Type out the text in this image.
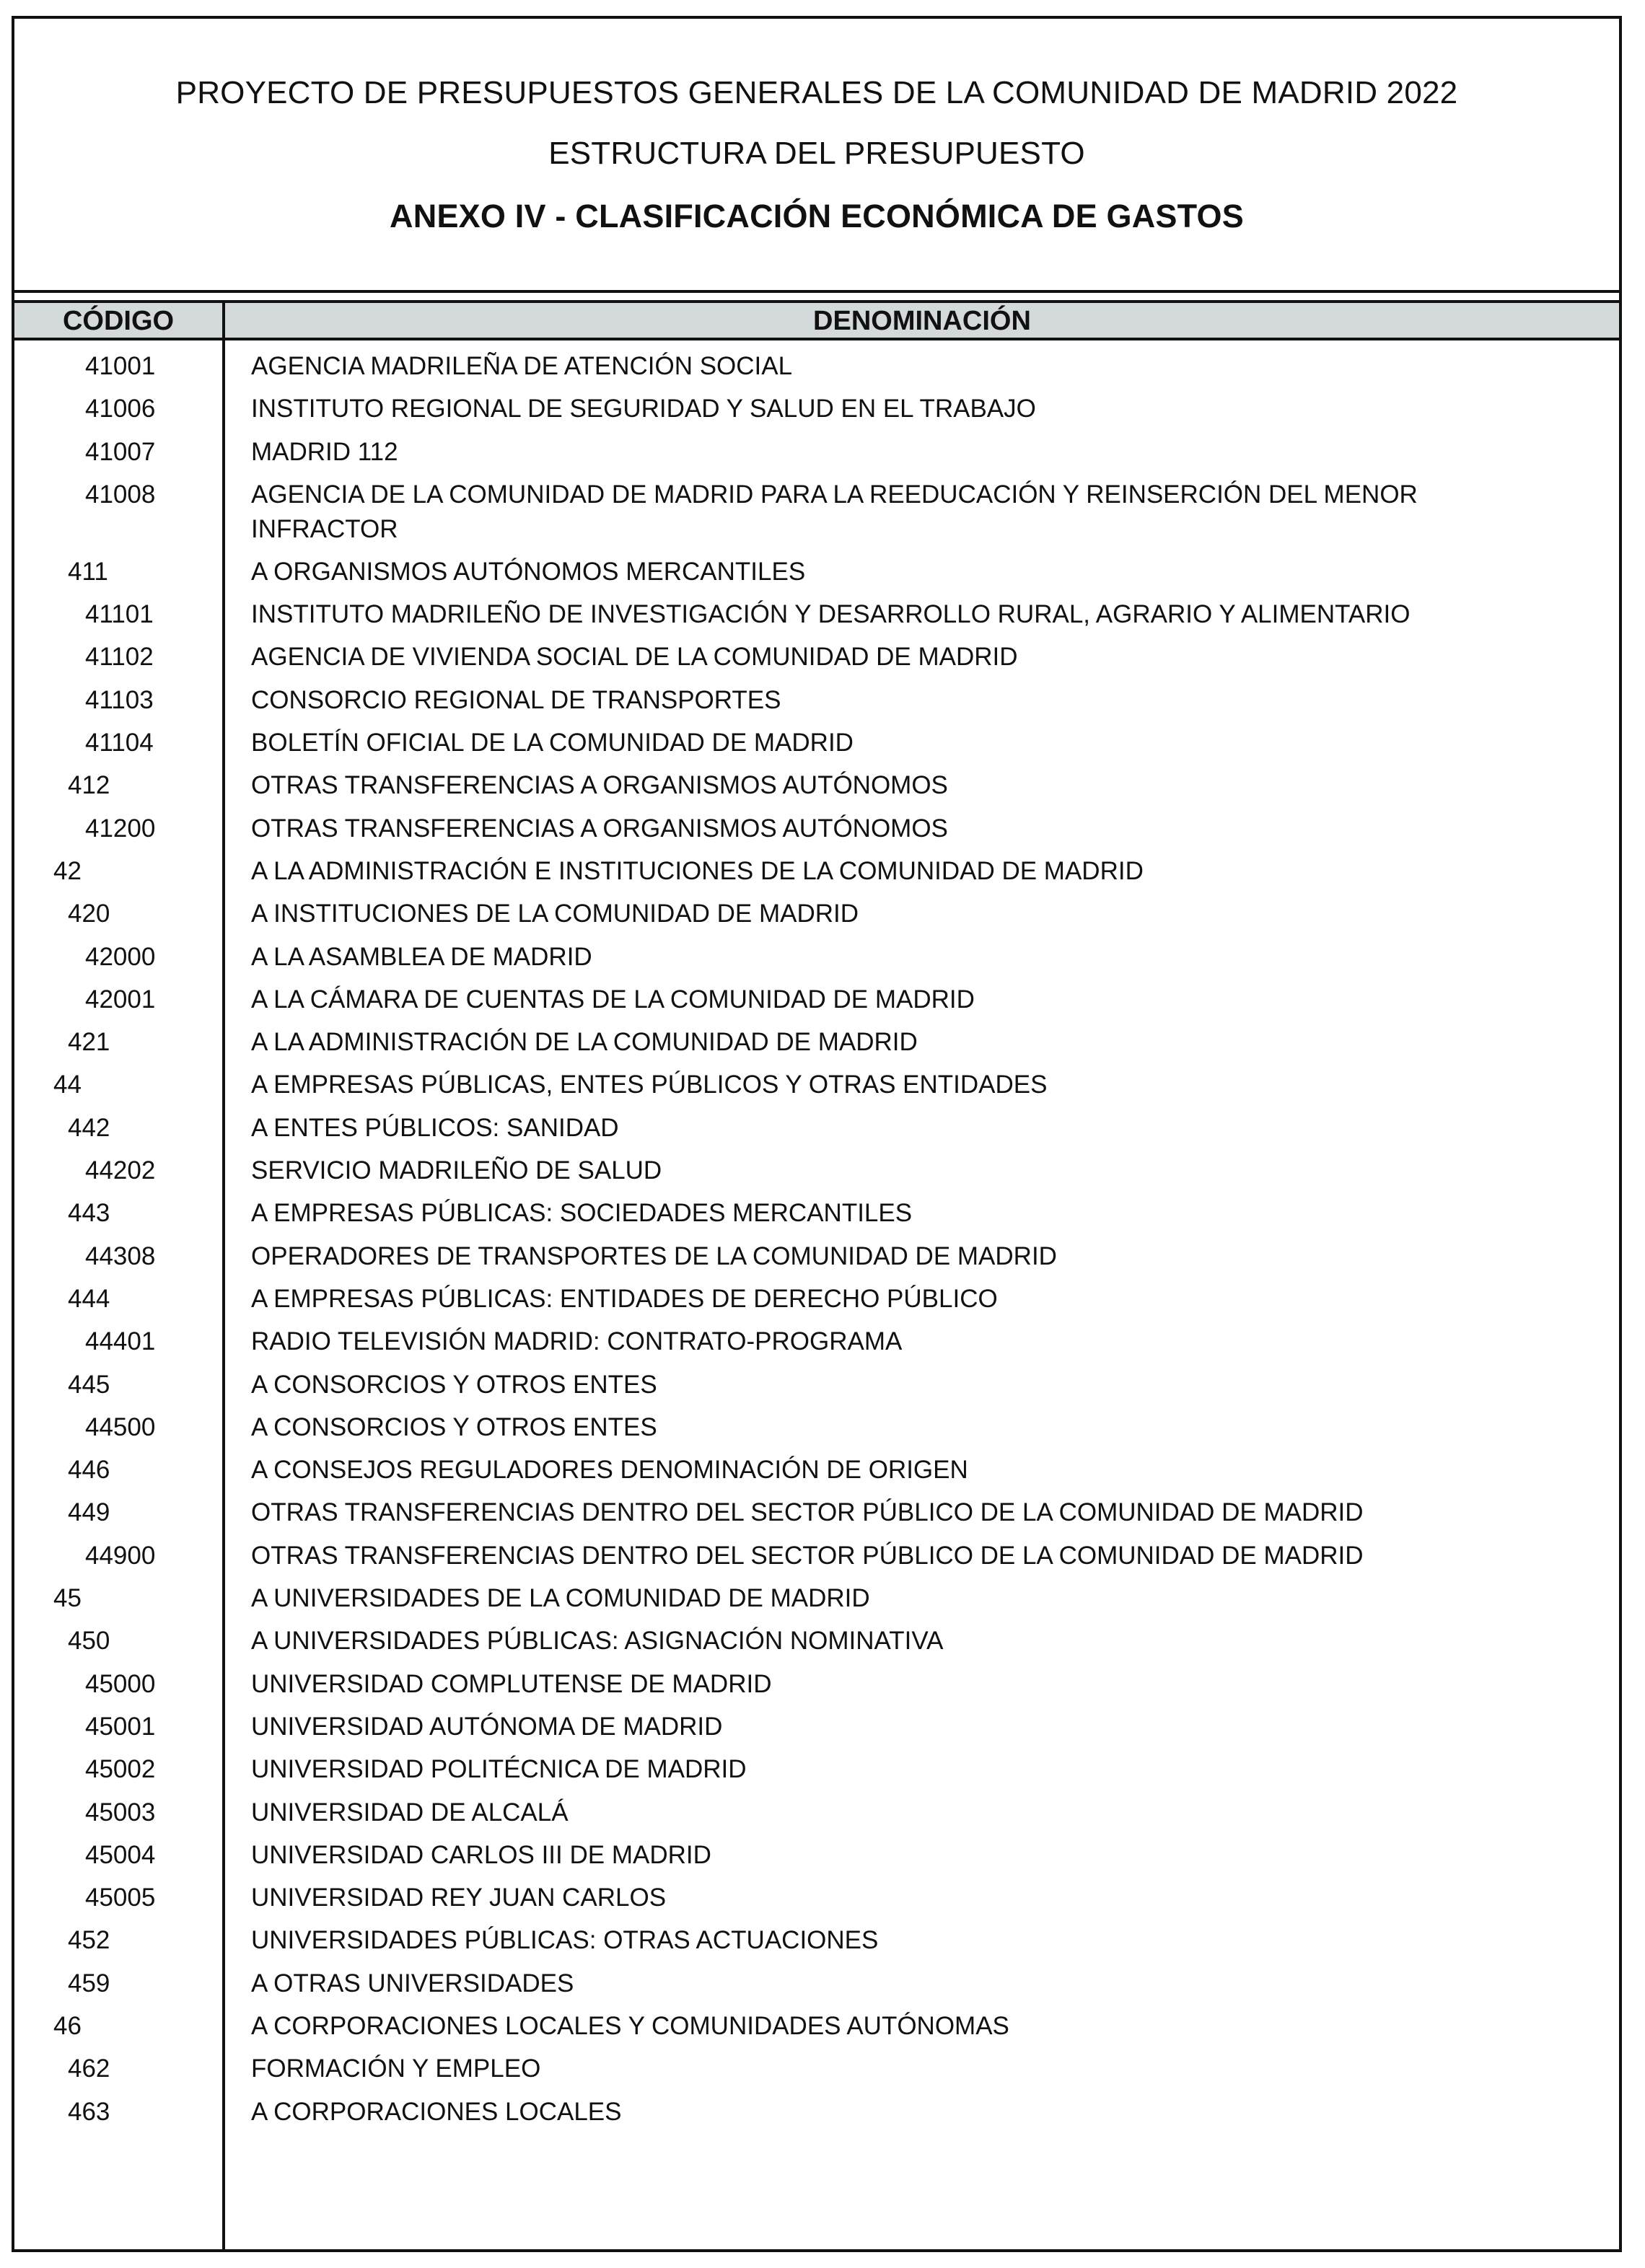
PROYECTO DE PRESUPUESTOS GENERALES DE LA COMUNIDAD DE MADRID 2022
ESTRUCTURA DEL PRESUPUESTO
ANEXO IV - CLASIFICACIÓN ECONÓMICA DE GASTOS
CÓDIGO	DENOMINACIÓN
41001	AGENCIA MADRILEÑA DE ATENCIÓN SOCIAL
41006	INSTITUTO REGIONAL DE SEGURIDAD Y SALUD EN EL TRABAJO
41007	MADRID 112
41008	AGENCIA DE LA COMUNIDAD DE MADRID PARA LA REEDUCACIÓN Y REINSERCIÓN DEL MENOR INFRACTOR
411	A ORGANISMOS AUTÓNOMOS MERCANTILES
41101	INSTITUTO MADRILEÑO DE INVESTIGACIÓN Y DESARROLLO RURAL, AGRARIO Y ALIMENTARIO
41102	AGENCIA DE VIVIENDA SOCIAL DE LA COMUNIDAD DE MADRID
41103	CONSORCIO REGIONAL DE TRANSPORTES
41104	BOLETÍN OFICIAL DE LA COMUNIDAD DE MADRID
412	OTRAS TRANSFERENCIAS A ORGANISMOS AUTÓNOMOS
41200	OTRAS TRANSFERENCIAS A ORGANISMOS AUTÓNOMOS
42	A LA ADMINISTRACIÓN E INSTITUCIONES DE LA COMUNIDAD DE MADRID
420	A INSTITUCIONES DE LA COMUNIDAD DE MADRID
42000	A LA ASAMBLEA DE MADRID
42001	A LA CÁMARA DE CUENTAS DE LA COMUNIDAD DE MADRID
421	A LA ADMINISTRACIÓN DE LA COMUNIDAD DE MADRID
44	A EMPRESAS PÚBLICAS, ENTES PÚBLICOS Y OTRAS ENTIDADES
442	A ENTES PÚBLICOS: SANIDAD
44202	SERVICIO MADRILEÑO DE SALUD
443	A EMPRESAS PÚBLICAS: SOCIEDADES MERCANTILES
44308	OPERADORES DE TRANSPORTES DE LA COMUNIDAD DE MADRID
444	A EMPRESAS PÚBLICAS: ENTIDADES DE DERECHO PÚBLICO
44401	RADIO TELEVISIÓN MADRID: CONTRATO-PROGRAMA
445	A CONSORCIOS Y OTROS ENTES
44500	A CONSORCIOS Y OTROS ENTES
446	A CONSEJOS REGULADORES DENOMINACIÓN DE ORIGEN
449	OTRAS TRANSFERENCIAS DENTRO DEL SECTOR PÚBLICO DE LA COMUNIDAD DE MADRID
44900	OTRAS TRANSFERENCIAS DENTRO DEL SECTOR PÚBLICO DE LA COMUNIDAD DE MADRID
45	A UNIVERSIDADES DE LA COMUNIDAD DE MADRID
450	A UNIVERSIDADES PÚBLICAS: ASIGNACIÓN NOMINATIVA
45000	UNIVERSIDAD COMPLUTENSE DE MADRID
45001	UNIVERSIDAD AUTÓNOMA DE MADRID
45002	UNIVERSIDAD POLITÉCNICA DE MADRID
45003	UNIVERSIDAD DE ALCALÁ
45004	UNIVERSIDAD CARLOS III DE MADRID
45005	UNIVERSIDAD REY JUAN CARLOS
452	UNIVERSIDADES PÚBLICAS: OTRAS ACTUACIONES
459	A OTRAS UNIVERSIDADES
46	A CORPORACIONES LOCALES Y COMUNIDADES AUTÓNOMAS
462	FORMACIÓN Y EMPLEO
463	A CORPORACIONES LOCALES
